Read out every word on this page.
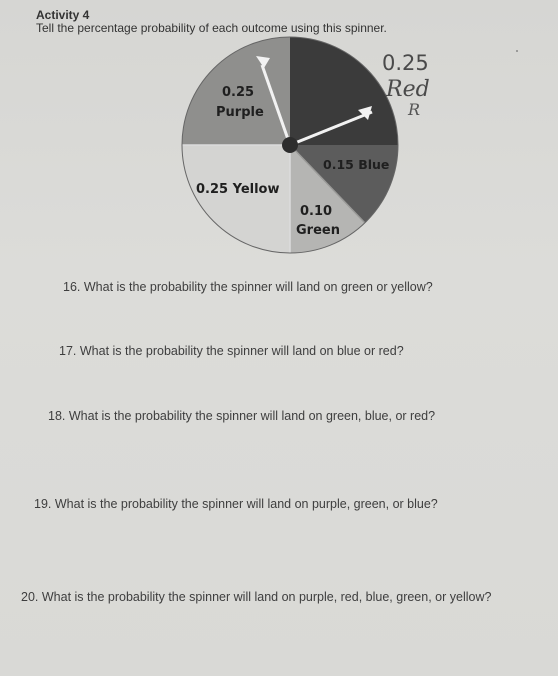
Activity 4
Tell the percentage probability of each outcome using this spinner.
0.25
Purple
0.15 Blue
0.25 Yellow
0.10
Green
0.25
Red
R
16. What is the probability the spinner will land on green or yellow?
17. What is the probability the spinner will land on blue or red?
18. What is the probability the spinner will land on green, blue, or red?
19. What is the probability the spinner will land on purple, green, or blue?
20. What is the probability the spinner will land on purple, red, blue, green, or yellow?
